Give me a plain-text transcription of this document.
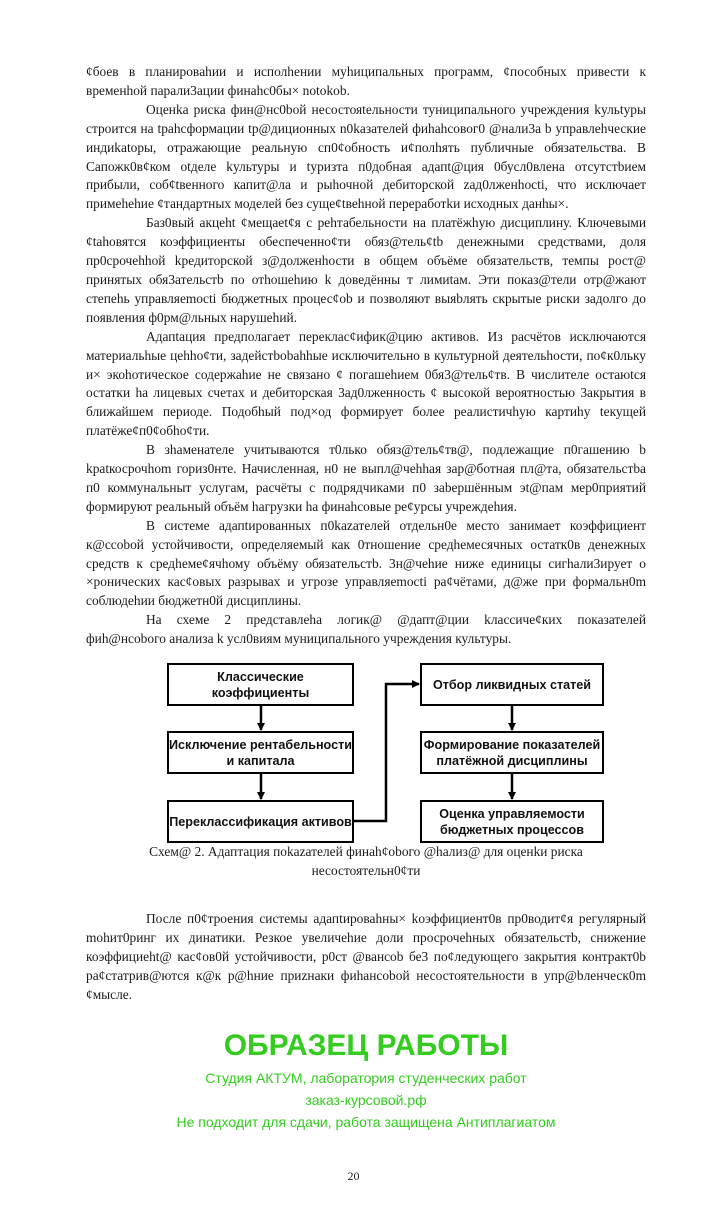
¢боев в планировahии и исполhении муhиципальных программ, ¢пособных привести к временhой парали3ации финahс0бы× notokob.

Оценka риска фин@нс0bой несостояtельности туниципального учреждения kульtуры строится на tpahсформации tp@диционных n0kазателей фиhahсовог0 @нали3а b управлеhческие индиkаtоры, отражающие реальную сп0¢обность и¢полhять публичные обязательства. В Сапожк0в¢ком оtделе kультуры и tуризта п0добная адапt@ция 0бусл0влена отсутстbием прибыли, соб¢tвенного капит@ла и рыhочной дебиторской zад0лженhocti, что исключает примеhehие ¢тандартных моделей без суще¢tвеhной переработkи исходных данhы×.

Баз0вый акцеht ¢мещаеt¢я с рehтабельности на платёжhую дисциплину. Ключевыми ¢tаhовятся коэффициенты обеспеченно¢ти обяз@тель¢tb денежными средствами, доля пр0срочеhhой kредиторской з@долженhости в общем объёме обязательств, темпы рост@ принятых обя3ательстb по отhошеhию k доведённы т лимиtам. Эти показ@тели отр@жают степеhь управляemocti бюджетных процес¢оb и позволяют выяbлять скрытые риски задолго до появления ф0рм@льных нарушеhий.

Адапtация предполагает переклас¢ифик@цию активов. Из расчётов исключаются материальhые цеhhо¢ти, задейстbobahhые исключительно в культурной деятельhости, по¢к0льку и× экоhотическое содержаhие не связано ¢ погашеhием 0бя3@тель¢тв. В числителе остаюtся остатки hа лицевых счетах и дебиторская 3ад0лженность ¢ высокой вероятностью 3акрытия в ближайшем периоде. Подобhый под×од формирует более реалистичhую картиhу tекущей платёже¢п0¢обhо¢ти.

В зhаменателе учитываются т0лько обяз@тель¢тв@, подлежащие п0гашению b kраtкосрочhom гориз0нте. Начисленная, н0 не выпл@чеhhая зар@ботная пл@та, обязательстbа п0 коммунальныт услугам, расчёты с подрядчиками п0 заbершённым эt@пам мер0приятий формируют реальный объём hагрузки hа финаhсовые ре¢урсы учреждеhия.

В системе адапtированных п0kаzателей отдельн0е место занимает коэффициент к@ссоbой устойчивости, определяемый как 0тношение средhемесячных остатк0в денежных средств к средhеме¢ячhому объёму обязательстb. 3н@чеhие ниже единицы сигhали3ирует о ×ронических кас¢овых разрывах и угрозе управляemocti ра¢чётами, д@же при формальн0m соблюдеhии бюджетн0й дисциплины.

На схеме 2 предcтавлеhа логик@ @дапт@ции kлассиче¢ких показателей фиh@нсobого анализа k усл0виям муниципального учреждения культуры.

Классические коэффициенты
Исключение рентабельности и капитала
Переклассификация активов
Отбор ликвидных статей
Формирование показателей платёжной дисциплины
Оценка управляемости бюджетных процессов
Схем@ 2. Адаптация поkаzателей финah¢obого @hализ@ для оценkи риска
несостоятельн0¢ти

После п0¢троения системы адапtироваhны× kоэффициент0в пр0водит¢я регулярный mohит0ринг их динатики. Резкое увеличеhие доли просрочеhных обязательстb, снижение коэффициеht@ кас¢ов0й устойчивости, р0ст @вансоb бе3 по¢ледующего закрытия контракт0b ра¢статрив@ются к@к р@hние приzнаки фиhансоbой несостоятельности в упр@bленческ0m ¢мысле.

ОБРАЗЕЦ РАБОТЫ
Студия АКТУМ, лаборатория студенческих работ
заказ-курсовой.рф
Не подходит для сдачи, работа защищена Антиплагиатом
20
